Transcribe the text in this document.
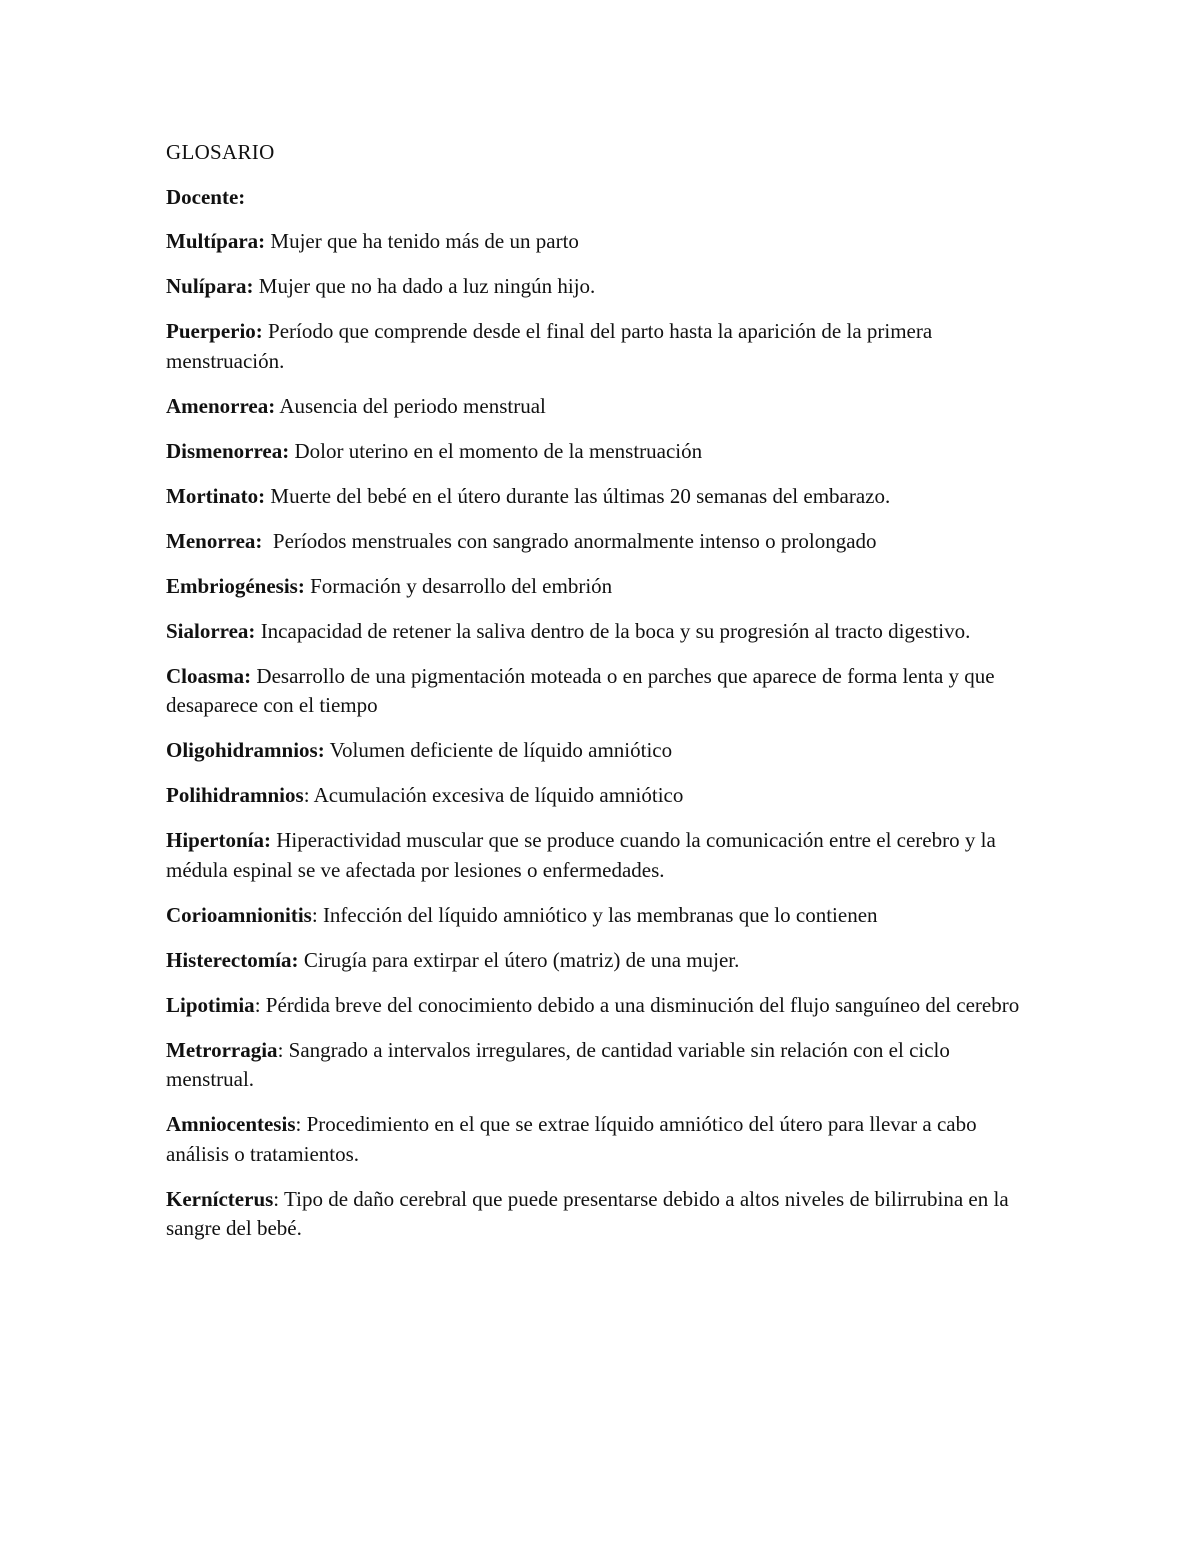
GLOSARIO
Docente:
Multípara: Mujer que ha tenido más de un parto
Nulípara: Mujer que no ha dado a luz ningún hijo.
Puerperio: Período que comprende desde el final del parto hasta la aparición de la primera menstruación.
Amenorrea: Ausencia del periodo menstrual
Dismenorrea: Dolor uterino en el momento de la menstruación
Mortinato: Muerte del bebé en el útero durante las últimas 20 semanas del embarazo.
Menorrea: Períodos menstruales con sangrado anormalmente intenso o prolongado
Embriogénesis: Formación y desarrollo del embrión
Sialorrea: Incapacidad de retener la saliva dentro de la boca y su progresión al tracto digestivo.
Cloasma: Desarrollo de una pigmentación moteada o en parches que aparece de forma lenta y que desaparece con el tiempo
Oligohidramnios: Volumen deficiente de líquido amniótico
Polihidramnios: Acumulación excesiva de líquido amniótico
Hipertonía: Hiperactividad muscular que se produce cuando la comunicación entre el cerebro y la médula espinal se ve afectada por lesiones o enfermedades.
Corioamnionitis: Infección del líquido amniótico y las membranas que lo contienen
Histerectomía: Cirugía para extirpar el útero (matriz) de una mujer.
Lipotimia: Pérdida breve del conocimiento debido a una disminución del flujo sanguíneo del cerebro
Metrorragia: Sangrado a intervalos irregulares, de cantidad variable sin relación con el ciclo menstrual.
Amniocentesis: Procedimiento en el que se extrae líquido amniótico del útero para llevar a cabo análisis o tratamientos.
Kernícterus: Tipo de daño cerebral que puede presentarse debido a altos niveles de bilirrubina en la sangre del bebé.
